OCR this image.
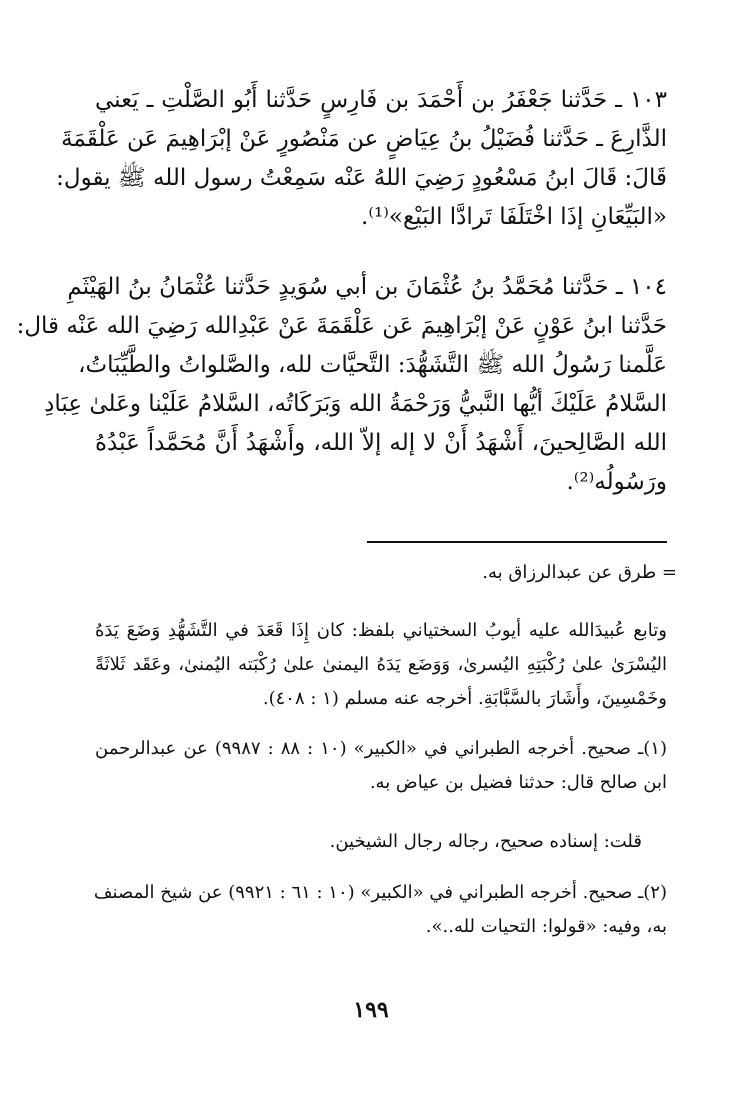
١٠٣ ـ حَدَّثنا جَعْفَرُ بن أَحْمَدَ بن فَارِسٍ حَدَّثنا أَبُو الصَّلْتِ ـ يَعني
الذَّارِعَ ـ حَدَّثنا فُضَيْلُ بنُ عِيَاضٍ عن مَنْصُورٍ عَنْ إبْرَاهِيمَ عَن عَلْقَمَةَ
قَالَ: قَالَ ابنُ مَسْعُودٍ رَضِيَ اللهُ عَنْه سَمِعْتُ رسول الله ﷺ يقول:
«البَيِّعَانِ إذَا اخْتَلَفَا تَرادَّا البَيْع»⁽¹⁾.
١٠٤ ـ حَدَّثنا مُحَمَّدُ بنُ عُثْمَانَ بن أبي سُوَيدٍ حَدَّثنا عُثْمَانُ بنُ الهَيْثَمِ
حَدَّثنا ابنُ عَوْنٍ عَنْ إبْرَاهِيمَ عَن عَلْقَمَةَ عَنْ عَبْدِالله رَضِيَ الله عَنْه قال:
عَلَّمنا رَسُولُ الله ﷺ التَّشَهُّدَ: التَّحيَّات لله، والصَّلواتُ والطَّيِّبَاتُ،
السَّلامُ عَلَيْكَ أيُّها النَّبيُّ وَرَحْمَةُ الله وَبَرَكَاتُه، السَّلامُ عَلَيْنا وعَلىٰ عِبَادِ
الله الصَّالِحينَ، أَشْهَدُ أَنْ لا إله إلاّ الله، وأَشْهَدُ أَنَّ مُحَمَّداً عَبْدُهُ
ورَسُولُه⁽²⁾.
= طرق عن عبدالرزاق به.
وتابع عُبيدَالله عليه أيوبُ السختياني بلفظ: كان إِذَا قَعَدَ في التَّشَهُّدِ وَضَعَ يَدَهُ
اليُسْرَىٰ علىٰ رُكْبَتِهِ اليُسرىٰ، وَوَضَع يَدَهُ اليمنىٰ علىٰ رُكْبَته اليُمنىٰ، وعَقَد ثَلاثَةً
وخَمْسِينَ، وأَشَارَ بالسَّبَّابَةِ. أخرجه عنه مسلم (١ : ٤٠٨).
(١)ـ صحيح. أخرجه الطبراني في «الكبير» (١٠ : ٨٨ : ٩٩٨٧) عن عبدالرحمن
ابن صالح قال: حدثنا فضيل بن عياض به.
قلت: إسناده صحيح، رجاله رجال الشيخين.
(٢)ـ صحيح. أخرجه الطبراني في «الكبير» (١٠ : ٦١ : ٩٩٢١) عن شيخ المصنف
به، وفيه: «قولوا: التحيات لله..».
١٩٩
